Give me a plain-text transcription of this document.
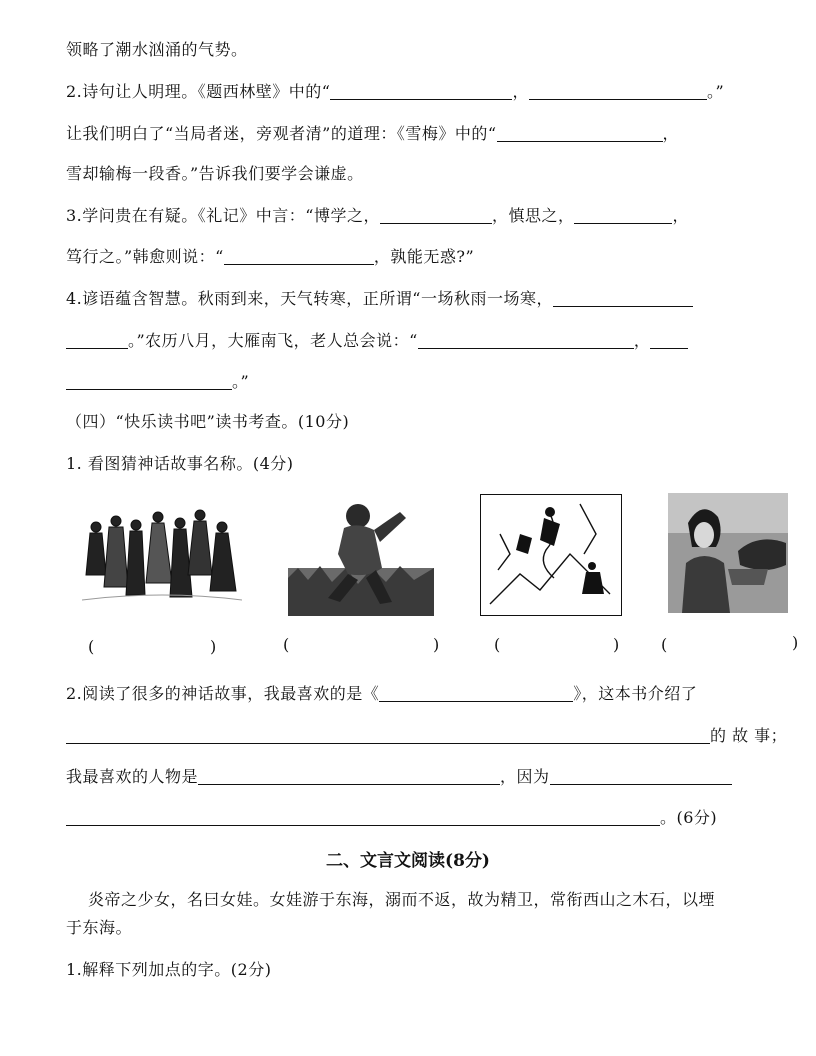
领略了潮水汹涌的气势。
2.诗句让人明理。《题西林壁》中的“	，	。”
让我们明白了“当局者迷，旁观者清”的道理：《雪梅》中的“	，
雪却输梅一段香。”告诉我们要学会谦虚。
3.学问贵在有疑。《礼记》中言：“博学之，	，慎思之，	，
笃行之。”韩愈则说：“	，孰能无惑?”
4.谚语蕴含智慧。秋雨到来，天气转寒，正所谓“一场秋雨一场寒，
。”农历八月，大雁南飞，老人总会说：“	，
。”
（四）“快乐读书吧”读书考查。(10分)
1. 看图猜神话故事名称。(4分)
(	)	(	)	(	)	(	)
2.阅读了很多的神话故事，我最喜欢的是《	》，这本书介绍了
的 故 事；
我最喜欢的人物是	，因为
。(6分)
二、文言文阅读(8分)
炎帝之少女，名曰女娃。女娃游于东海，溺而不返，故为精卫，常衔西山之木石，以堙
于东海。
1.解释下列加点的字。(2分)
